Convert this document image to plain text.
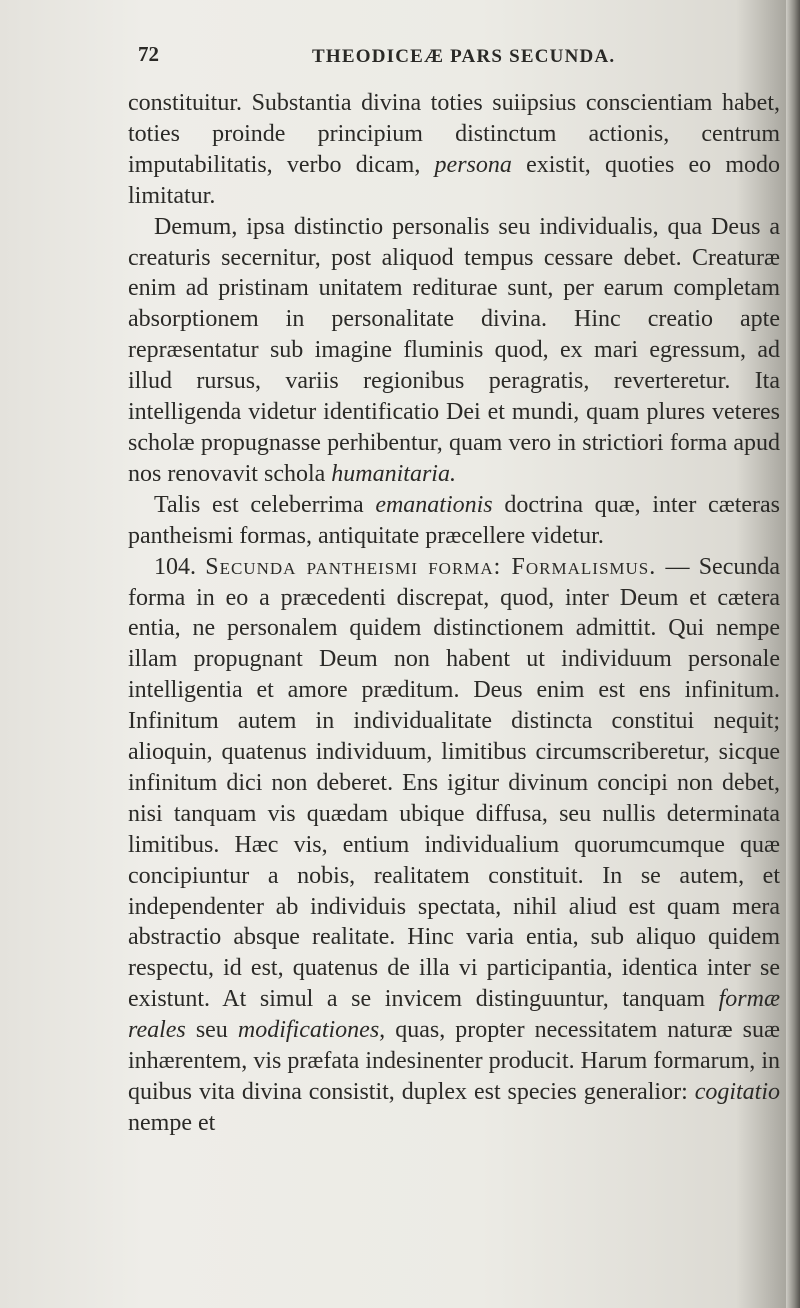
72	THEODICEÆ PARS SECUNDA.

constituitur. Substantia divina toties suiipsius conscientiam habet, toties proinde principium distinctum actionis, centrum imputabilitatis, verbo dicam, persona existit, quoties eo modo limitatur.

Demum, ipsa distinctio personalis seu individualis, qua Deus a creaturis secernitur, post aliquod tempus cessare debet. Creaturæ enim ad pristinam unitatem rediturae sunt, per earum completam absorptionem in personalitate divina. Hinc creatio apte repræsentatur sub imagine fluminis quod, ex mari egressum, ad illud rursus, variis regionibus peragratis, reverteretur. Ita intelligenda videtur identificatio Dei et mundi, quam plures veteres scholæ propugnasse perhibentur, quam vero in strictiori forma apud nos renovavit schola humanitaria.

Talis est celeberrima emanationis doctrina quæ, inter cæteras pantheismi formas, antiquitate præcellere videtur.

104. Secunda pantheismi forma: Formalismus. — Secunda forma in eo a præcedenti discrepat, quod, inter Deum et cætera entia, ne personalem quidem distinctionem admittit. Qui nempe illam propugnant Deum non habent ut individuum personale intelligentia et amore præditum. Deus enim est ens infinitum. Infinitum autem in individualitate distincta constitui nequit; alioquin, quatenus individuum, limitibus circumscriberetur, sicque infinitum dici non deberet. Ens igitur divinum concipi non debet, nisi tanquam vis quædam ubique diffusa, seu nullis determinata limitibus. Hæc vis, entium individualium quorumcumque quæ concipiuntur a nobis, realitatem constituit. In se autem, et independenter ab individuis spectata, nihil aliud est quam mera abstractio absque realitate. Hinc varia entia, sub aliquo quidem respectu, id est, quatenus de illa vi participantia, identica inter se existunt. At simul a se invicem distinguuntur, tanquam formæ reales seu modificationes, quas, propter necessitatem naturæ suæ inhærentem, vis præfata indesinenter producit. Harum formarum, in quibus vita divina consistit, duplex est species generalior: cogitatio nempe et
